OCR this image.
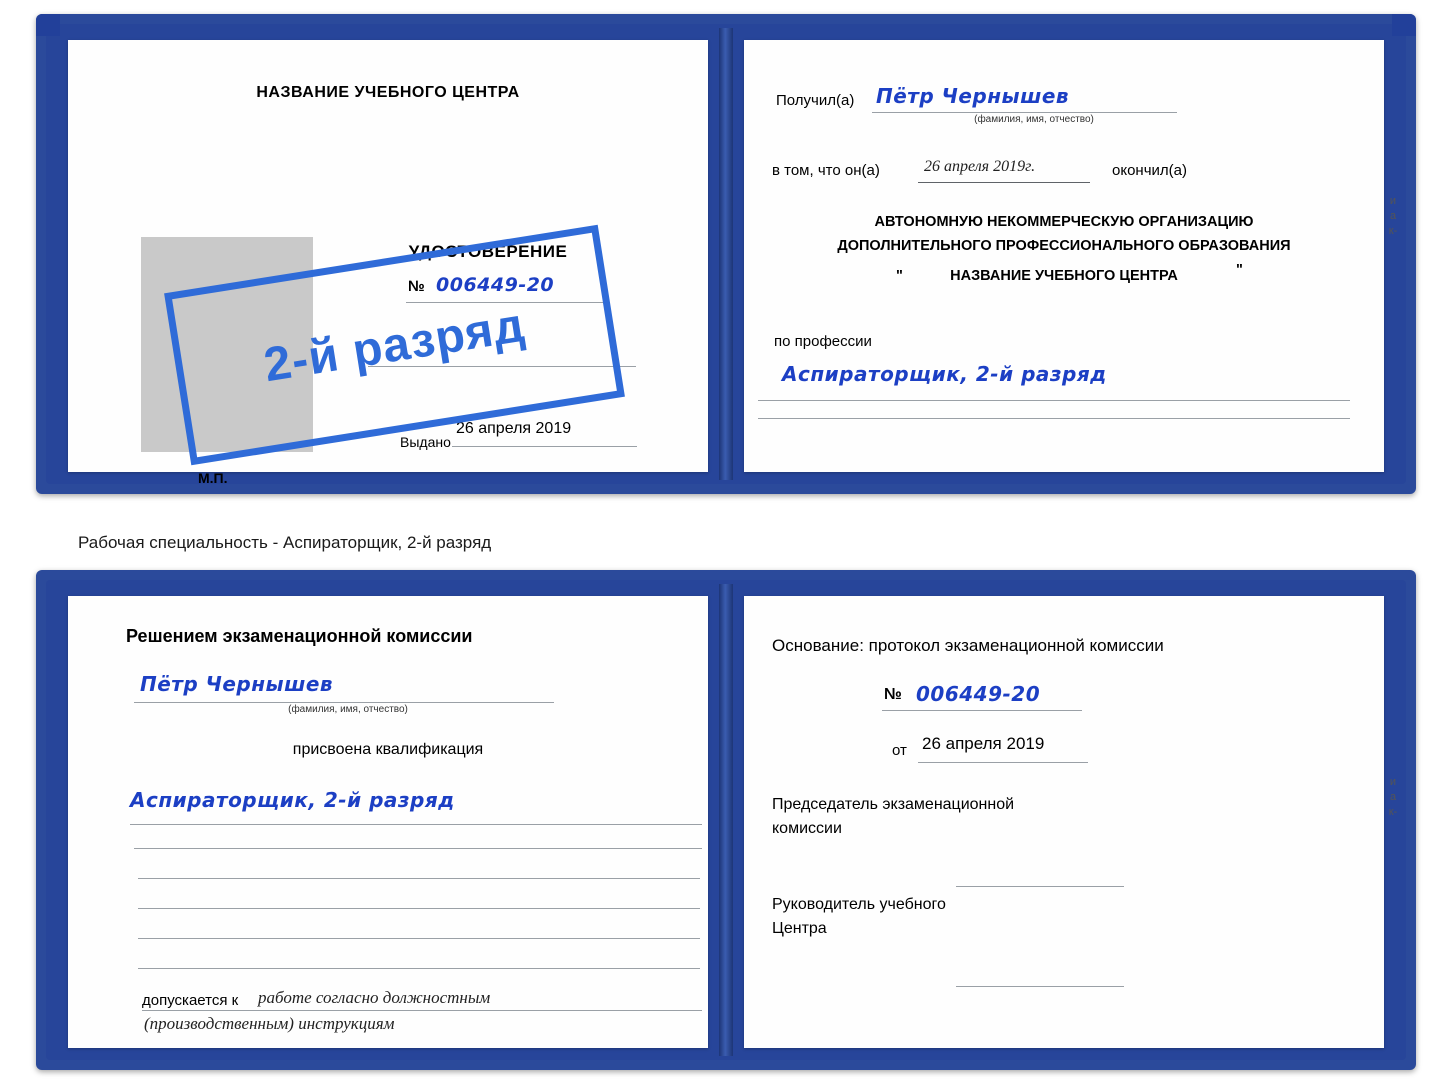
НАЗВАНИЕ УЧЕБНОГО ЦЕНТРА
УДОСТОВЕРЕНИЕ
№ 006449-20
Выдано
26 апреля 2019
М.П.
Получил(а) Пётр Чернышев
(фамилия, имя, отчество)
в том, что он(а)	26 апреля 2019г.	окончил(а)
АВТОНОМНУЮ НЕКОММЕРЧЕСКУЮ ОРГАНИЗАЦИЮ
ДОПОЛНИТЕЛЬНОГО ПРОФЕССИОНАЛЬНОГО ОБРАЗОВАНИЯ
"	НАЗВАНИЕ УЧЕБНОГО ЦЕНТРА	"
по профессии
Аспираторщик, 2-й разряд
и
а
к-
2-й разряд
Рабочая специальность - Аспираторщик, 2-й разряд
Решением экзаменационной комиссии
Пётр Чернышев
(фамилия, имя, отчество)
присвоена квалификация
Аспираторщик, 2-й разряд
допускается к работе согласно должностным
(производственным) инструкциям
Основание: протокол экзаменационной комиссии
№ 006449-20
от 26 апреля 2019
Председатель экзаменационной
комиссии
Руководитель учебного
Центра
и
а
к-
